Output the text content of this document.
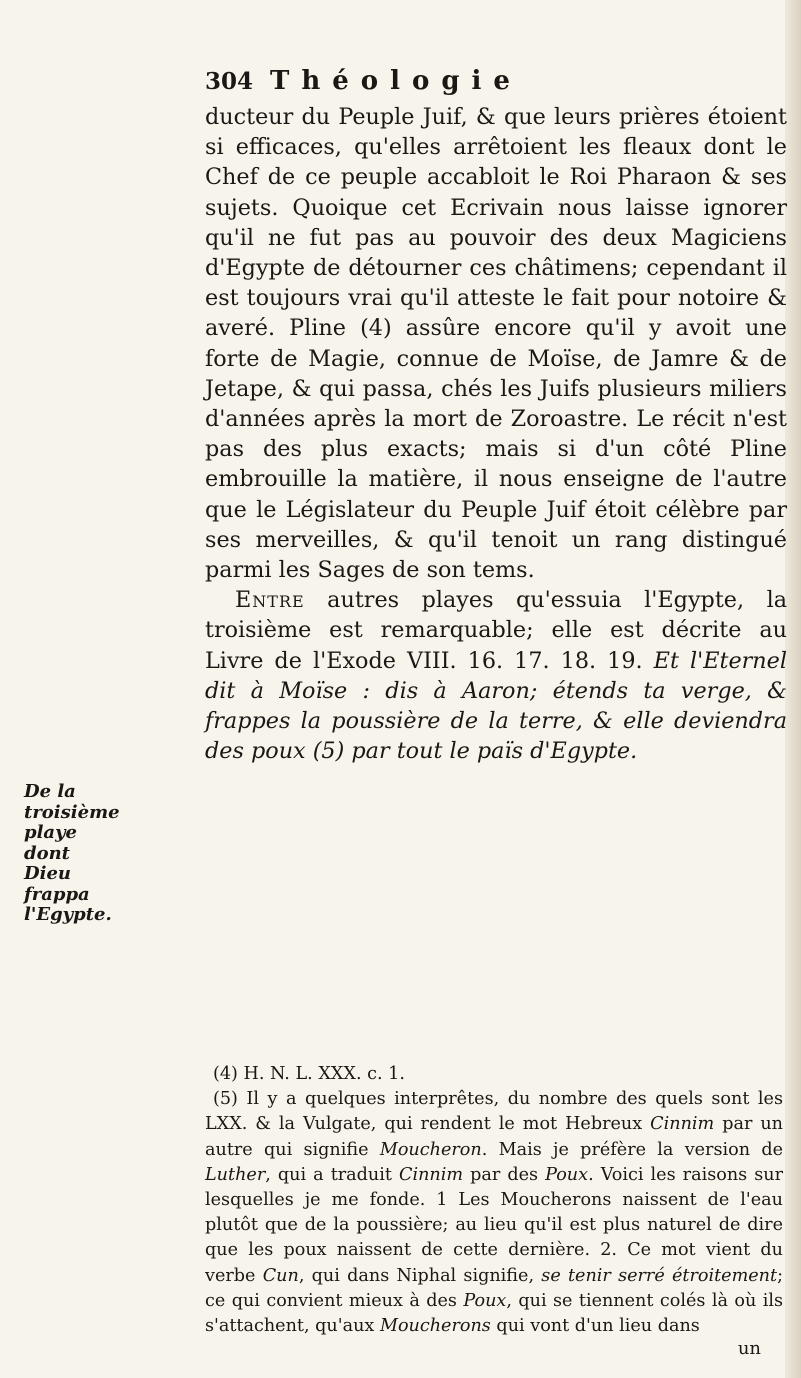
304 Théologie

ducteur du Peuple Juif, & que leurs prières étoient si efficaces, qu'elles arrêtoient les fleaux dont le Chef de ce peuple accabloit le Roi Pharaon & ses sujets. Quoique cet Ecrivain nous laisse ignorer qu'il ne fut pas au pouvoir des deux Magiciens d'Egypte de détourner ces châtimens; cependant il est toujours vrai qu'il atteste le fait pour notoire & averé. Pline (4) assûre encore qu'il y avoit une forte de Magie, connue de Moïse, de Jamre & de Jetape, & qui passa, chés les Juifs plusieurs miliers d'années après la mort de Zoroastre. Le récit n'est pas des plus exacts; mais si d'un côté Pline embrouille la matière, il nous enseigne de l'autre que le Législateur du Peuple Juif étoit célèbre par ses merveilles, & qu'il tenoit un rang distingué parmi les Sages de son tems.

Entre autres playes qu'essuia l'Egypte, la troisième est remarquable; elle est décrite au Livre de l'Exode VIII. 16. 17. 18. 19. Et l'Eternel dit à Moïse : dis à Aaron; étends ta verge, & frappes la poussière de la terre, & elle deviendra des poux (5) par tout le païs d'Egypte.

De la troisième playe dont Dieu frappa l'Egypte.

(4) H. N. L. XXX. c. 1.

(5) Il y a quelques interprêtes, du nombre des quels sont les LXX. & la Vulgate, qui rendent le mot Hebreux Cinnim par un autre qui signifie Moucheron. Mais je préfère la version de Luther, qui a traduit Cinnim par des Poux. Voici les raisons sur lesquelles je me fonde. 1 Les Moucherons naissent de l'eau plutôt que de la poussière; au lieu qu'il est plus naturel de dire que les poux naissent de cette dernière. 2. Ce mot vient du verbe Cun, qui dans Niphal signifie, se tenir serré étroitement; ce qui convient mieux à des Poux, qui se tiennent colés là où ils s'attachent, qu'aux Moucherons qui vont d'un lieu dans

un
